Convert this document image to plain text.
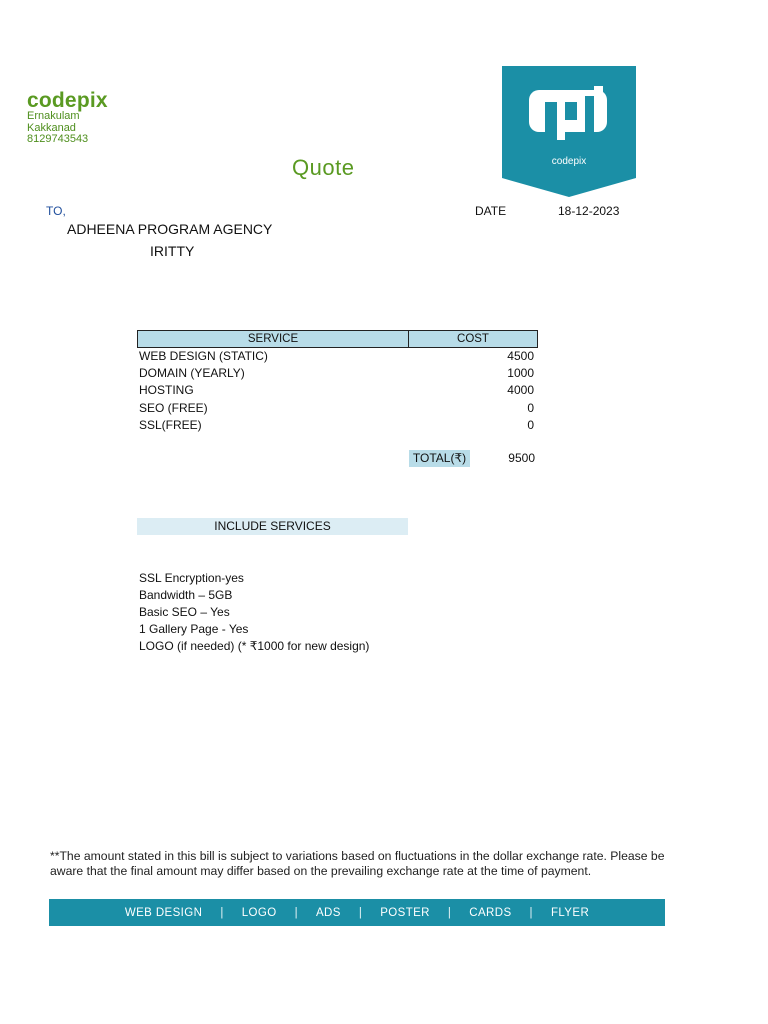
codepix
Ernakulam
Kakkanad
8129743543
Quote	codepix
TO,
ADHEENA PROGRAM AGENCY
IRITTY
DATE	18-12-2023
SERVICE	COST
WEB DESIGN (STATIC)	4500
DOMAIN (YEARLY)	1000
HOSTING	4000
SEO (FREE)	0
SSL(FREE)	0
TOTAL(₹)	9500
INCLUDE SERVICES
SSL Encryption-yes
Bandwidth – 5GB
Basic SEO – Yes
1 Gallery Page - Yes
LOGO (if needed) (* ₹1000 for new design)
**The amount stated in this bill is subject to variations based on fluctuations in the dollar exchange rate. Please be aware that the final amount may differ based on the prevailing exchange rate at the time of payment.
WEB DESIGN	|	LOGO	|	ADS	|	POSTER	|	CARDS	|	FLYER
